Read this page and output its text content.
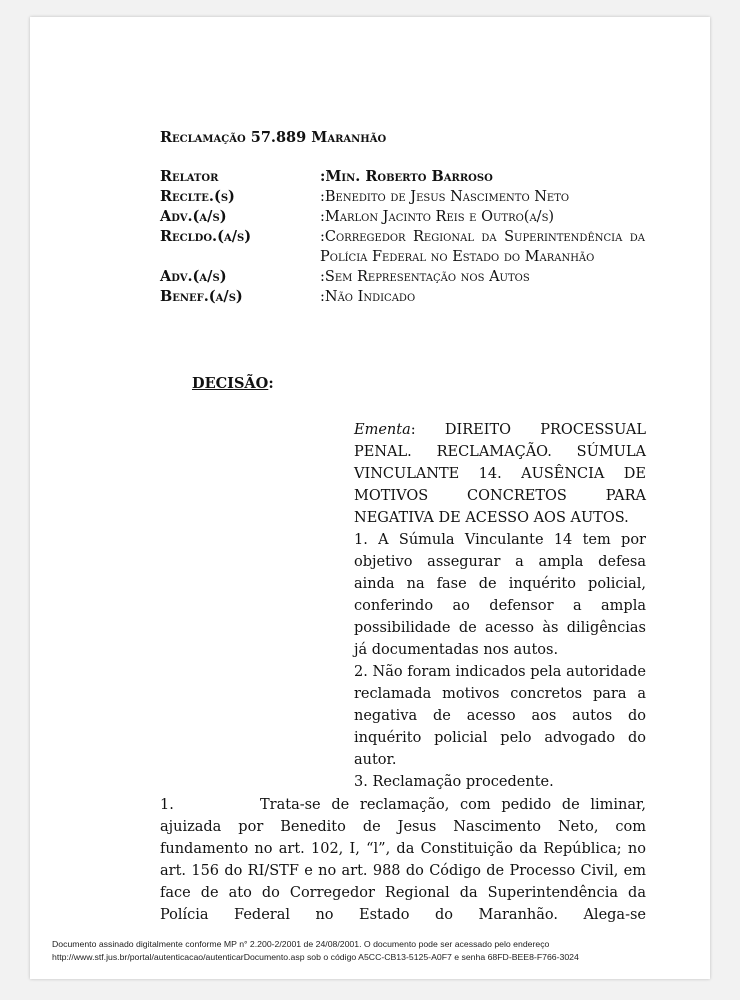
Reclamação 57.889 Maranhão
Relator	:Min. Roberto Barroso
Reclte.(s)	:Benedito de Jesus Nascimento Neto
Adv.(a/s)	:Marlon Jacinto Reis e Outro(a/s)
Recldo.(a/s)	:Corregedor Regional da Superintendência da Polícia Federal no Estado do Maranhão
Adv.(a/s)	:Sem Representação nos Autos
Benef.(a/s)	:Não Indicado
DECISÃO:
Ementa: DIREITO PROCESSUAL PENAL. RECLAMAÇÃO. SÚMULA VINCULANTE 14. AUSÊNCIA DE MOTIVOS CONCRETOS PARA NEGATIVA DE ACESSO AOS AUTOS.
1. A Súmula Vinculante 14 tem por objetivo assegurar a ampla defesa ainda na fase de inquérito policial, conferindo ao defensor a ampla possibilidade de acesso às diligências já documentadas nos autos.
2. Não foram indicados pela autoridade reclamada motivos concretos para a negativa de acesso aos autos do inquérito policial pelo advogado do autor.
3. Reclamação procedente.

1.	Trata-se de reclamação, com pedido de liminar, ajuizada por Benedito de Jesus Nascimento Neto, com fundamento no art. 102, I, “l”, da Constituição da República; no art. 156 do RI/STF e no art. 988 do Código de Processo Civil, em face de ato do Corregedor Regional da Superintendência da Polícia Federal no Estado do Maranhão. Alega-se

Documento assinado digitalmente conforme MP n° 2.200-2/2001 de 24/08/2001. O documento pode ser acessado pelo endereço
http://www.stf.jus.br/portal/autenticacao/autenticarDocumento.asp sob o código A5CC-CB13-5125-A0F7 e senha 68FD-BEE8-F766-3024
